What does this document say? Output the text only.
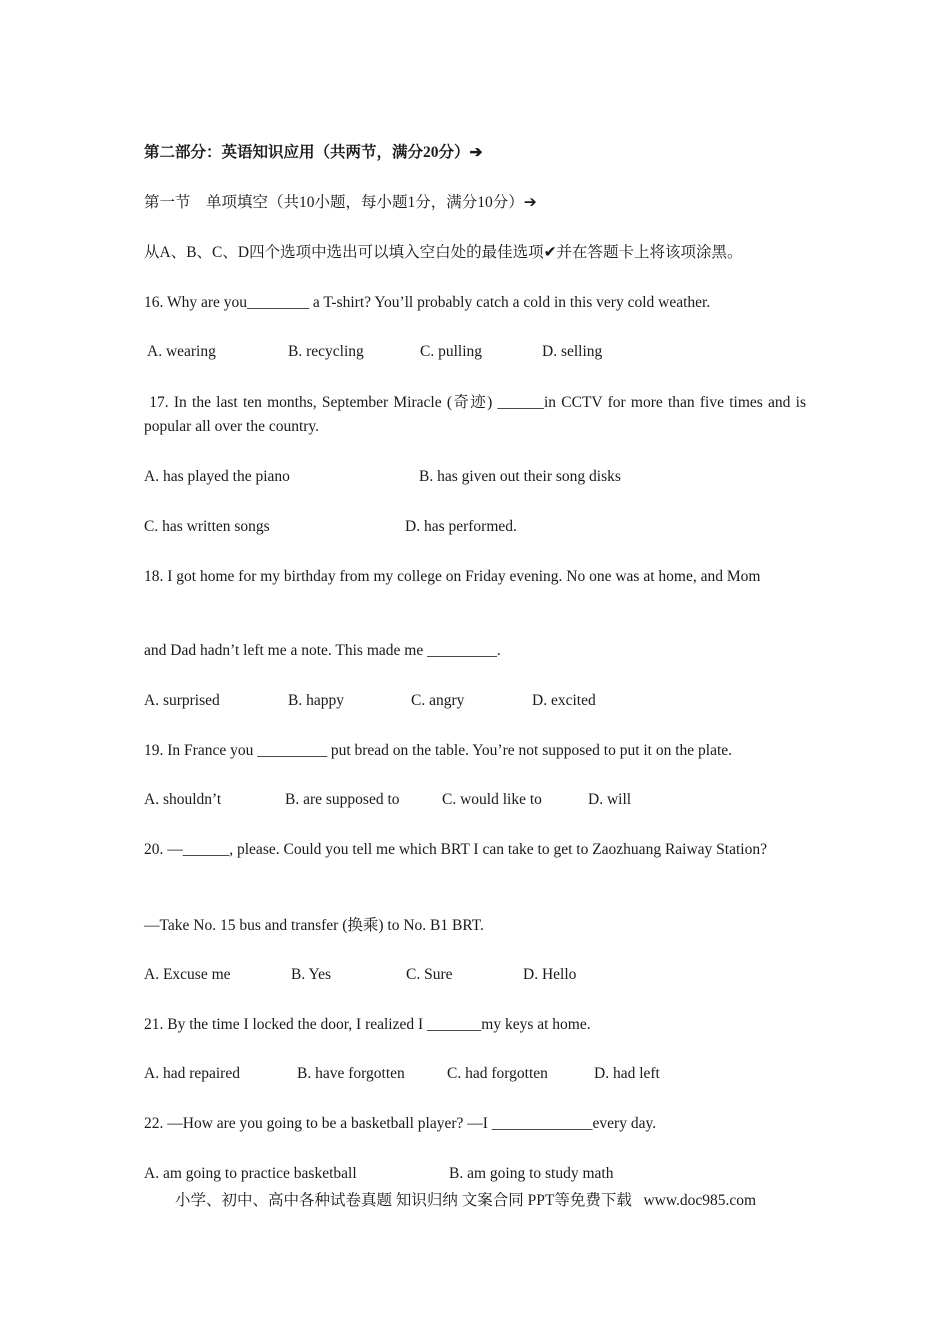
第二部分：英语知识应用（共两节，满分20分）➔
第一节    单项填空（共10小题，每小题1分，满分10分）➔
从A、B、C、D四个选项中选出可以填入空白处的最佳选项✔并在答题卡上将该项涂黑。
16. Why are you________ a T-shirt? You’ll probably catch a cold in this very cold weather.
A. wearing	B. recycling	C. pulling	D. selling
17. In the last ten months, September Miracle (奇迹) ______in CCTV for more than five times and is popular all over the country.
A. has played the piano	B. has given out their song disks
C. has written songs	D. has performed.
18. I got home for my birthday from my college on Friday evening. No one was at home, and Mom
and Dad hadn’t left me a note. This made me _________.
A. surprised	B. happy	C. angry	D. excited
19. In France you _________ put bread on the table. You’re not supposed to put it on the plate.
A. shouldn’t	B. are supposed to	C. would like to	D. will
20. —______, please. Could you tell me which BRT I can take to get to Zaozhuang Raiway Station?
—Take No. 15 bus and transfer (换乘) to No. B1 BRT.
A. Excuse me	B. Yes	C. Sure	D. Hello
21. By the time I locked the door, I realized I _______my keys at home.
A. had repaired	B. have forgotten	C. had forgotten	D. had left
22. —How are you going to be a basketball player? —I _____________every day.
A. am going to practice basketball	B. am going to study math
小学、初中、高中各种试卷真题 知识归纳 文案合同 PPT等免费下载   www.doc985.com
